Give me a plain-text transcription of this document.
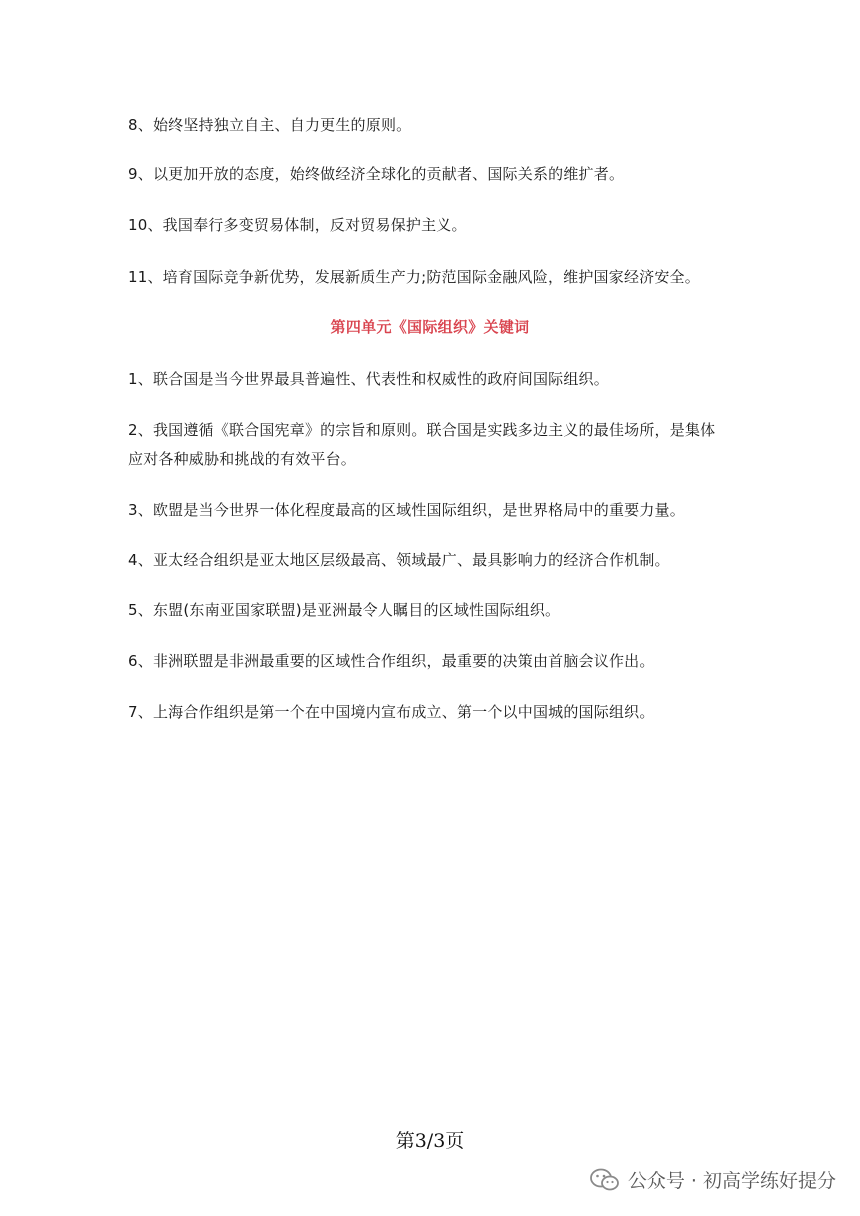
8、始终坚持独立自主、自力更生的原则。
9、以更加开放的态度，始终做经济全球化的贡献者、国际关系的维扩者。
10、我国奉行多变贸易体制，反对贸易保护主义。
11、培育国际竞争新优势，发展新质生产力;防范国际金融风险，维护国家经济安全。
第四单元《国际组织》关键词
1、联合国是当今世界最具普遍性、代表性和权威性的政府间国际组织。
2、我国遵循《联合国宪章》的宗旨和原则。联合国是实践多边主义的最佳场所，是集体应对各种威胁和挑战的有效平台。
3、欧盟是当今世界一体化程度最高的区域性国际组织，是世界格局中的重要力量。
4、亚太经合组织是亚太地区层级最高、领域最广、最具影响力的经济合作机制。
5、东盟(东南亚国家联盟)是亚洲最令人瞩目的区域性国际组织。
6、非洲联盟是非洲最重要的区域性合作组织，最重要的决策由首脑会议作出。
7、上海合作组织是第一个在中国境内宣布成立、第一个以中国城的国际组织。
第3/3页
公众号 · 初高学练好提分
